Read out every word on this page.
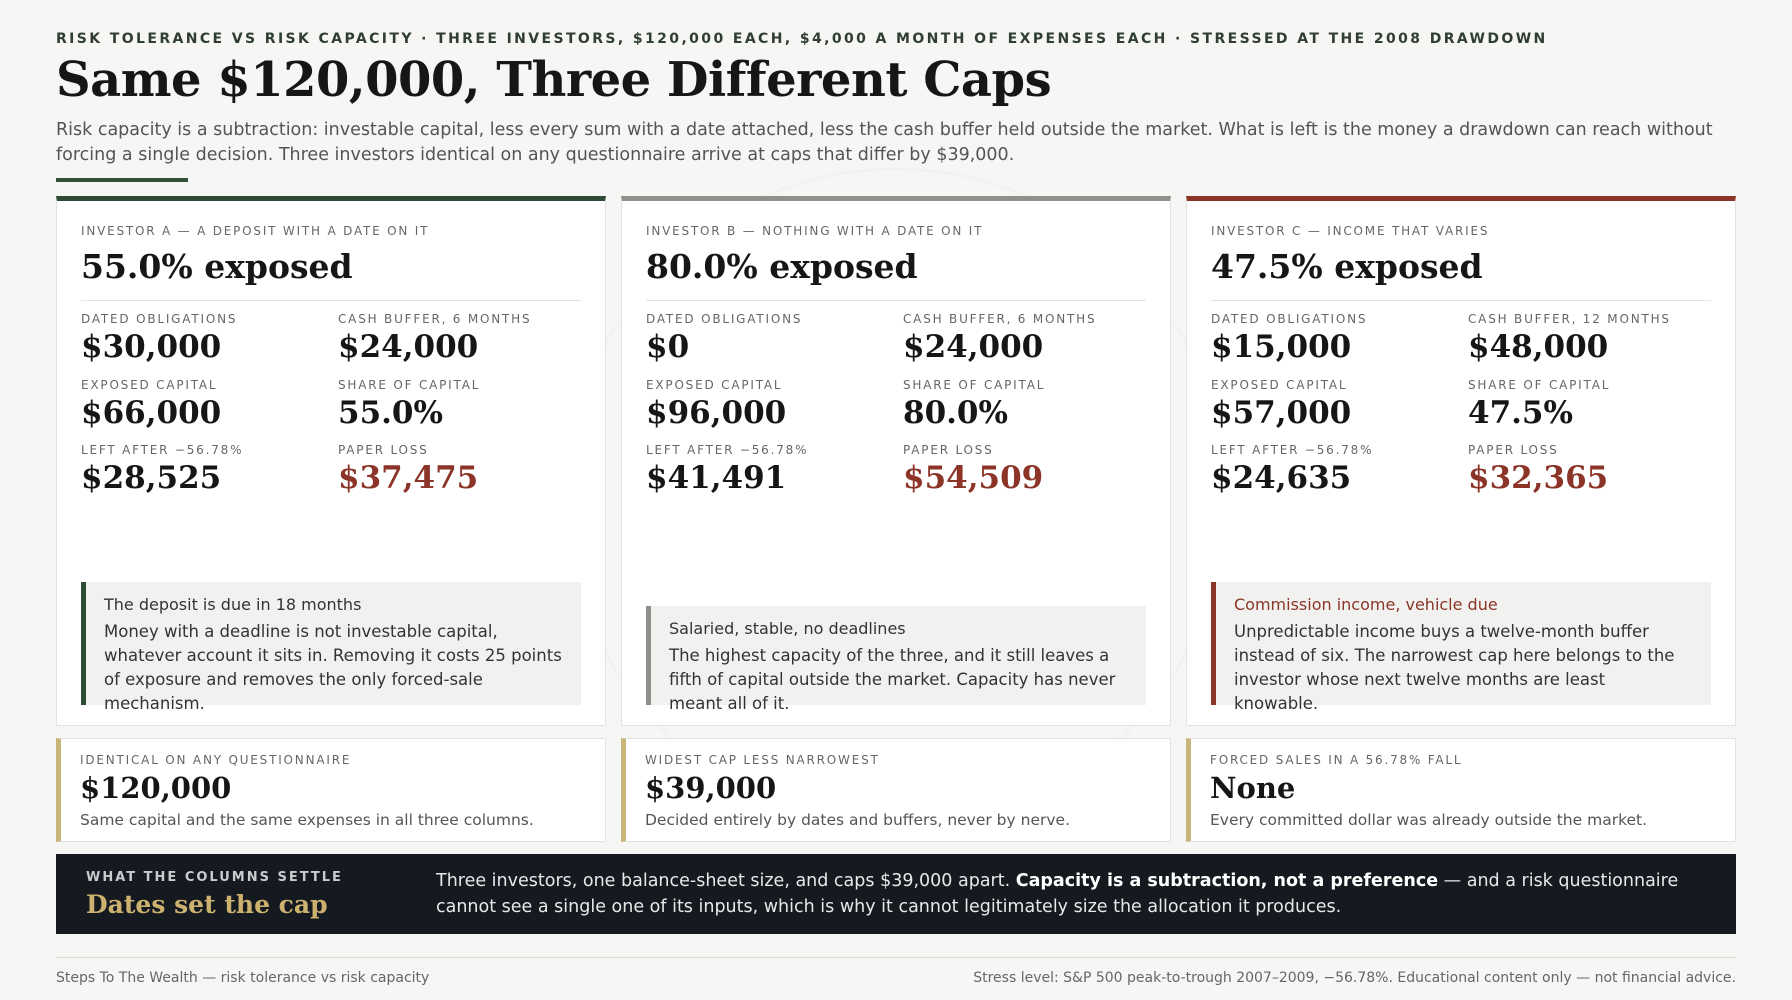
RISK TOLERANCE VS RISK CAPACITY · THREE INVESTORS, $120,000 EACH, $4,000 A MONTH OF EXPENSES EACH · STRESSED AT THE 2008 DRAWDOWN
Same $120,000, Three Different Caps

Risk capacity is a subtraction: investable capital, less every sum with a date attached, less the cash buffer held outside the market. What is left is the money a drawdown can reach without forcing a single decision. Three investors identical on any questionnaire arrive at caps that differ by $39,000.

INVESTOR A — A DEPOSIT WITH A DATE ON IT
55.0% exposed
DATED OBLIGATIONS
$30,000
CASH BUFFER, 6 MONTHS
$24,000
EXPOSED CAPITAL
$66,000
SHARE OF CAPITAL
55.0%
LEFT AFTER −56.78%
$28,525
PAPER LOSS
$37,475
The deposit is due in 18 months
Money with a deadline is not investable capital, whatever account it sits in. Removing it costs 25 points of exposure and removes the only forced-sale mechanism.
INVESTOR B — NOTHING WITH A DATE ON IT
80.0% exposed
DATED OBLIGATIONS
$0
CASH BUFFER, 6 MONTHS
$24,000
EXPOSED CAPITAL
$96,000
SHARE OF CAPITAL
80.0%
LEFT AFTER −56.78%
$41,491
PAPER LOSS
$54,509
Salaried, stable, no deadlines
The highest capacity of the three, and it still leaves a fifth of capital outside the market. Capacity has never meant all of it.
INVESTOR C — INCOME THAT VARIES
47.5% exposed
DATED OBLIGATIONS
$15,000
CASH BUFFER, 12 MONTHS
$48,000
EXPOSED CAPITAL
$57,000
SHARE OF CAPITAL
47.5%
LEFT AFTER −56.78%
$24,635
PAPER LOSS
$32,365
Commission income, vehicle due
Unpredictable income buys a twelve-month buffer instead of six. The narrowest cap here belongs to the investor whose next twelve months are least knowable.
IDENTICAL ON ANY QUESTIONNAIRE
$120,000
Same capital and the same expenses in all three columns.
WIDEST CAP LESS NARROWEST
$39,000
Decided entirely by dates and buffers, never by nerve.
FORCED SALES IN A 56.78% FALL
None
Every committed dollar was already outside the market.
WHAT THE COLUMNS SETTLE
Dates set the cap
Three investors, one balance-sheet size, and caps $39,000 apart. Capacity is a subtraction, not a preference — and a risk questionnaire cannot see a single one of its inputs, which is why it cannot legitimately size the allocation it produces.
Steps To The Wealth — risk tolerance vs risk capacity	Stress level: S&P 500 peak-to-trough 2007–2009, −56.78%. Educational content only — not financial advice.
